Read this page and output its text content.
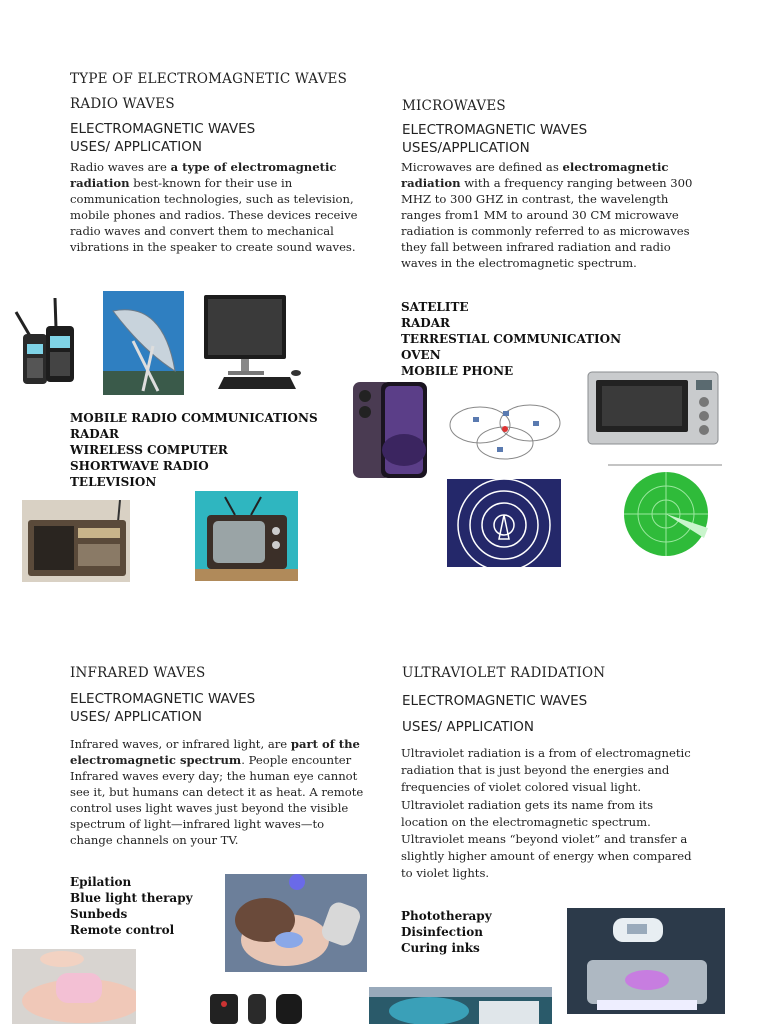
TYPE OF ELECTROMAGNETIC WAVES
RADIO WAVES
ELECTROMAGNETIC WAVES
USES/ APPLICATION
Radio waves are a type of electromagnetic radiation best-known for their use in communication technologies, such as television, mobile phones and radios. These devices receive radio waves and convert them to mechanical vibrations in the speaker to create sound waves.
MOBILE RADIO COMMUNICATIONS
RADAR
WIRELESS COMPUTER
SHORTWAVE RADIO
TELEVISION
MICROWAVES
ELECTROMAGNETIC WAVES
USES/APPLICATION
Microwaves are defined as electromagnetic radiation with a frequency ranging between 300 MHZ to 300 GHZ in contrast, the wavelength ranges from1 MM to around 30 CM microwave radiation is commonly referred to as microwaves they fall between infrared radiation and radio waves in the electromagnetic spectrum.
SATELITE
RADAR
TERRESTIAL COMMUNICATION
OVEN
MOBILE PHONE
INFRARED WAVES
ELECTROMAGNETIC WAVES
USES/ APPLICATION
Infrared waves, or infrared light, are part of the electromagnetic spectrum. People encounter Infrared waves every day; the human eye cannot see it, but humans can detect it as heat. A remote control uses light waves just beyond the visible spectrum of light—infrared light waves—to change channels on your TV.
Epilation
Blue light therapy
Sunbeds
Remote control
ULTRAVIOLET RADIDATION
ELECTROMAGNETIC WAVES
USES/ APPLICATION
Ultraviolet radiation is a from of electromagnetic radiation that is just beyond the energies and frequencies of violet colored visual light. Ultraviolet radiation gets its name from its location on the electromagnetic spectrum. Ultraviolet means “beyond violet” and transfer a slightly higher amount of energy when compared to violet lights.
Phototherapy
Disinfection
Curing inks
